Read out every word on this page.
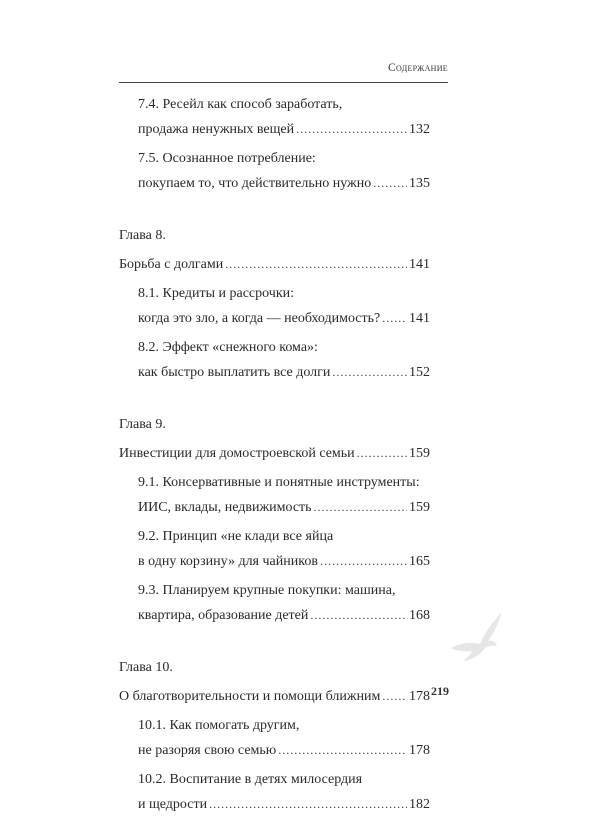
Содержание
7.4. Ресейл как способ заработать,
продажа ненужных вещей .....	132
7.5. Осознанное потребление:
покупаем то, что действительно нужно .....	135
Глава 8.
Борьба с долгами .....	141
8.1. Кредиты и рассрочки:
когда это зло, а когда — необходимость? ..... 141
8.2. Эффект «снежного кома»:
как быстро выплатить все долги .....	152
Глава 9.
Инвестиции для домостроевской семьи .....	159
9.1. Консервативные и понятные инструменты:
ИИС, вклады, недвижимость .....	159
9.2. Принцип «не клади все яйца
в одну корзину» для чайников .....	165
9.3. Планируем крупные покупки: машина,
квартира, образование детей .....	168
Глава 10.
О благотворительности и помощи ближним ..... 178
10.1. Как помогать другим,
не разоряя свою семью .....	178
10.2. Воспитание в детях милосердия
и щедрости .....	182
219
